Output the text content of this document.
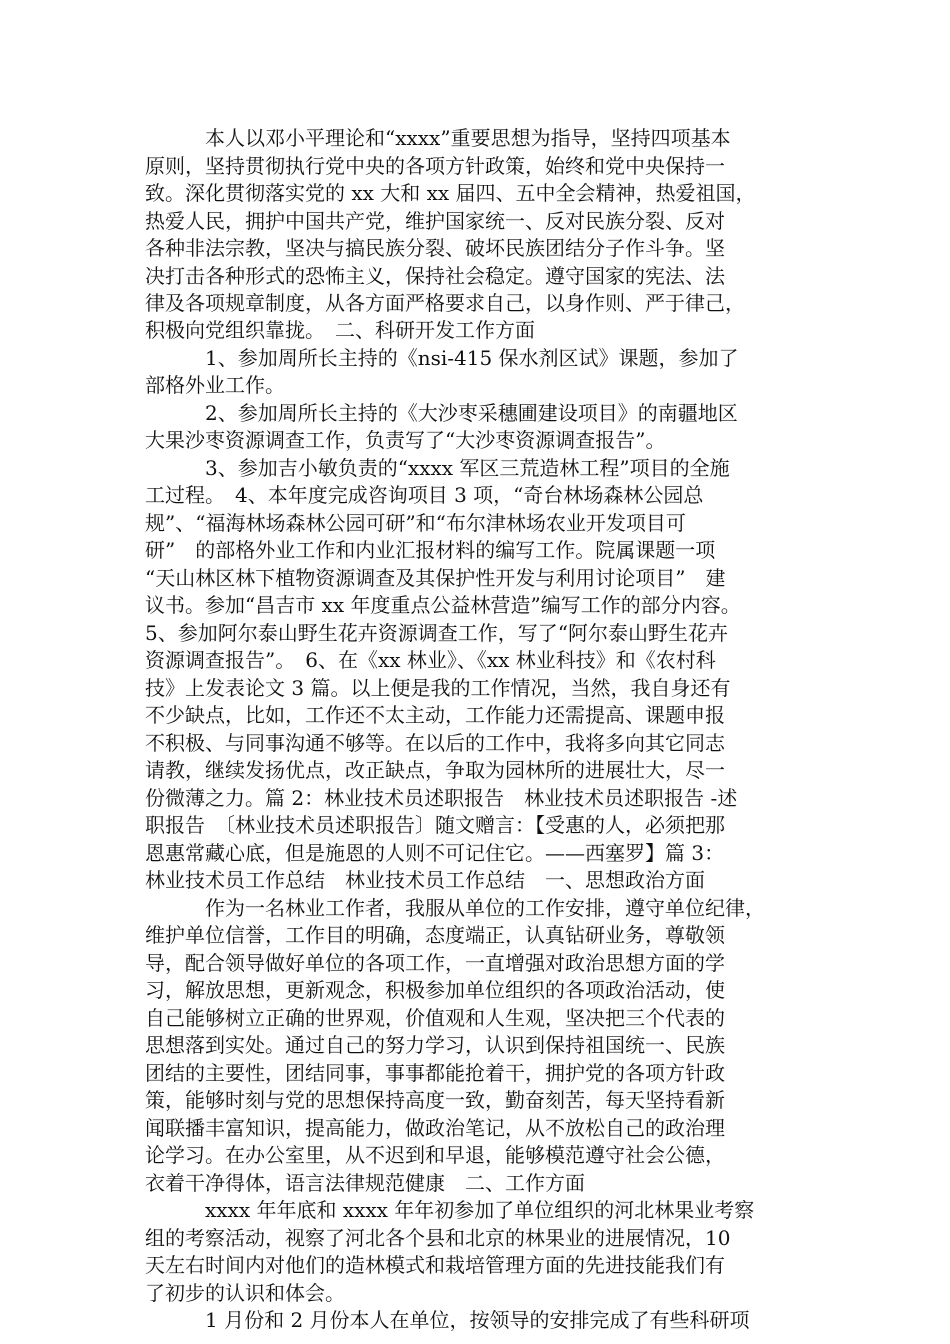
　　　本人以邓小平理论和“xxxx”重要思想为指导，坚持四项基本
原则，坚持贯彻执行党中央的各项方针政策，始终和党中央保持一
致。深化贯彻落实党的 xx 大和 xx 届四、五中全会精神，热爱祖国，
热爱人民，拥护中国共产党，维护国家统一、反对民族分裂、反对
各种非法宗教，坚决与搞民族分裂、破坏民族团结分子作斗争。坚
决打击各种形式的恐怖主义，保持社会稳定。遵守国家的宪法、法
律及各项规章制度，从各方面严格要求自己，以身作则、严于律己，
积极向党组织靠拢。　二、科研开发工作方面
　　　1、参加周所长主持的《nsi-415 保水剂区试》课题，参加了
部格外业工作。
　　　2、参加周所长主持的《大沙枣采穗圃建设项目》的南疆地区
大果沙枣资源调查工作，负责写了“大沙枣资源调查报告”。
　　　3、参加吉小敏负责的“xxxx 军区三荒造林工程”项目的全施
工过程。　4、本年度完成咨询项目 3 项，“奇台林场森林公园总
规”、“福海林场森林公园可研”和“布尔津林场农业开发项目可
研”　的部格外业工作和内业汇报材料的编写工作。院属课题一项
“天山林区林下植物资源调查及其保护性开发与利用讨论项目”　建
议书。参加“昌吉市 xx 年度重点公益林营造”编写工作的部分内容。
5、参加阿尔泰山野生花卉资源调查工作，写了“阿尔泰山野生花卉
资源调查报告”。　6、在《xx 林业》、《xx 林业科技》和《农村科
技》上发表论文 3 篇。以上便是我的工作情况，当然，我自身还有
不少缺点，比如，工作还不太主动，工作能力还需提高、课题申报
不积极、与同事沟通不够等。在以后的工作中，我将多向其它同志
请教，继续发扬优点，改正缺点，争取为园林所的进展壮大，尽一
份微薄之力。篇 2：林业技术员述职报告　林业技术员述职报告 -述
职报告　〔林业技术员述职报告〕随文赠言：【受惠的人，必须把那
恩惠常藏心底，但是施恩的人则不可记住它。——西塞罗】篇 3：
林业技术员工作总结　林业技术员工作总结　一、思想政治方面
　　　作为一名林业工作者，我服从单位的工作安排，遵守单位纪律，
维护单位信誉，工作目的明确，态度端正，认真钻研业务，尊敬领
导，配合领导做好单位的各项工作，一直增强对政治思想方面的学
习，解放思想，更新观念，积极参加单位组织的各项政治活动，使
自己能够树立正确的世界观，价值观和人生观，坚决把三个代表的
思想落到实处。通过自己的努力学习，认识到保持祖国统一、民族
团结的主要性，团结同事，事事都能抢着干，拥护党的各项方针政
策，能够时刻与党的思想保持高度一致，勤奋刻苦，每天坚持看新
闻联播丰富知识，提高能力，做政治笔记，从不放松自己的政治理
论学习。在办公室里，从不迟到和早退，能够模范遵守社会公德，
衣着干净得体，语言法律规范健康　二、工作方面
　　　xxxx 年年底和 xxxx 年年初参加了单位组织的河北林果业考察
组的考察活动，视察了河北各个县和北京的林果业的进展情况，10
天左右时间内对他们的造林模式和栽培管理方面的先进技能我们有
了初步的认识和体会。
　　　1 月份和 2 月份本人在单位，按领导的安排完成了有些科研项
